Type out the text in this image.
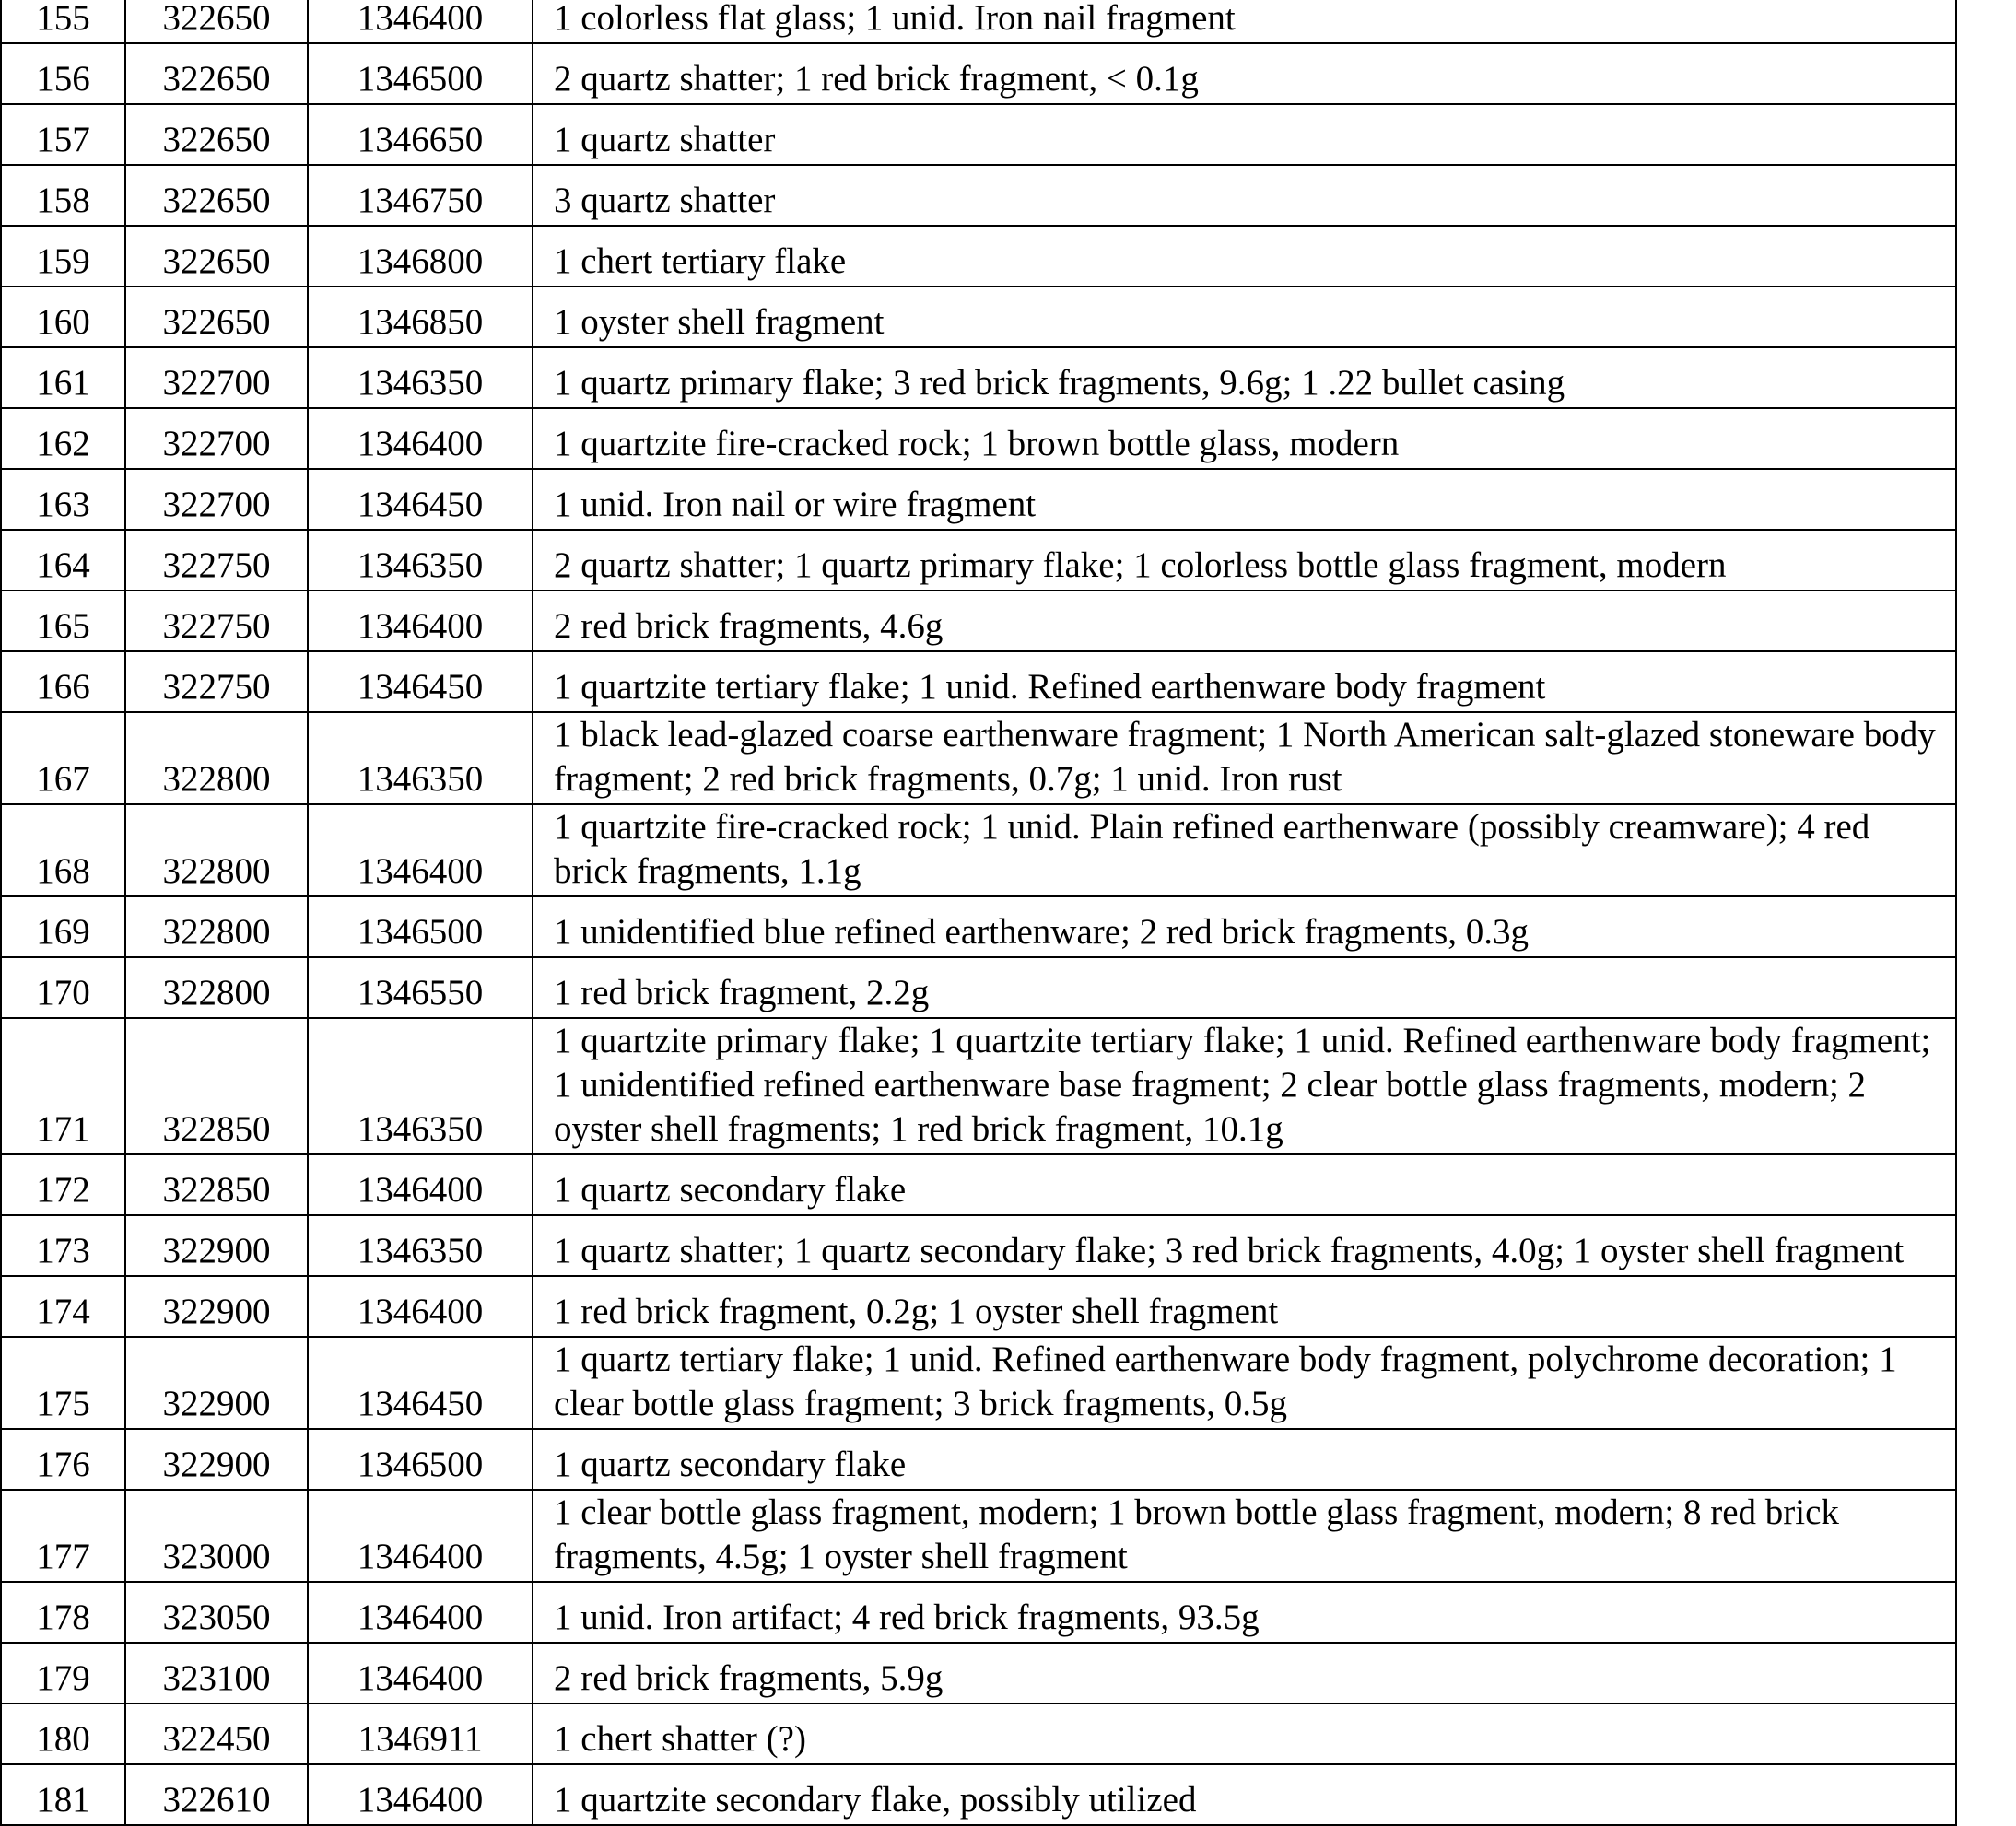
155	322650	1346400	1 colorless flat glass; 1 unid. Iron nail fragment
156	322650	1346500	2 quartz shatter; 1 red brick fragment, < 0.1g
157	322650	1346650	1 quartz shatter
158	322650	1346750	3 quartz shatter
159	322650	1346800	1 chert tertiary flake
160	322650	1346850	1 oyster shell fragment
161	322700	1346350	1 quartz primary flake; 3 red brick fragments, 9.6g; 1 .22 bullet casing
162	322700	1346400	1 quartzite fire-cracked rock; 1 brown bottle glass, modern
163	322700	1346450	1 unid. Iron nail or wire fragment
164	322750	1346350	2 quartz shatter; 1 quartz primary flake; 1 colorless bottle glass fragment, modern
165	322750	1346400	2 red brick fragments, 4.6g
166	322750	1346450	1 quartzite tertiary flake; 1 unid. Refined earthenware body fragment
167	322800	1346350	1 black lead-glazed coarse earthenware fragment; 1 North American salt-glazed stoneware body fragment; 2 red brick fragments, 0.7g; 1 unid. Iron rust
168	322800	1346400	1 quartzite fire-cracked rock; 1 unid. Plain refined earthenware (possibly creamware); 4 red brick fragments, 1.1g
169	322800	1346500	1 unidentified blue refined earthenware; 2 red brick fragments, 0.3g
170	322800	1346550	1 red brick fragment, 2.2g
171	322850	1346350	1 quartzite primary flake; 1 quartzite tertiary flake; 1 unid. Refined earthenware body fragment; 1 unidentified refined earthenware base fragment; 2 clear bottle glass fragments, modern; 2 oyster shell fragments; 1 red brick fragment, 10.1g
172	322850	1346400	1 quartz secondary flake
173	322900	1346350	1 quartz shatter; 1 quartz secondary flake; 3 red brick fragments, 4.0g; 1 oyster shell fragment
174	322900	1346400	1 red brick fragment, 0.2g; 1 oyster shell fragment
175	322900	1346450	1 quartz tertiary flake; 1 unid. Refined earthenware body fragment, polychrome decoration; 1 clear bottle glass fragment; 3 brick fragments, 0.5g
176	322900	1346500	1 quartz secondary flake
177	323000	1346400	1 clear bottle glass fragment, modern; 1 brown bottle glass fragment, modern; 8 red brick fragments, 4.5g; 1 oyster shell fragment
178	323050	1346400	1 unid. Iron artifact; 4 red brick fragments, 93.5g
179	323100	1346400	2 red brick fragments, 5.9g
180	322450	1346911	1 chert shatter (?)
181	322610	1346400	1 quartzite secondary flake, possibly utilized
